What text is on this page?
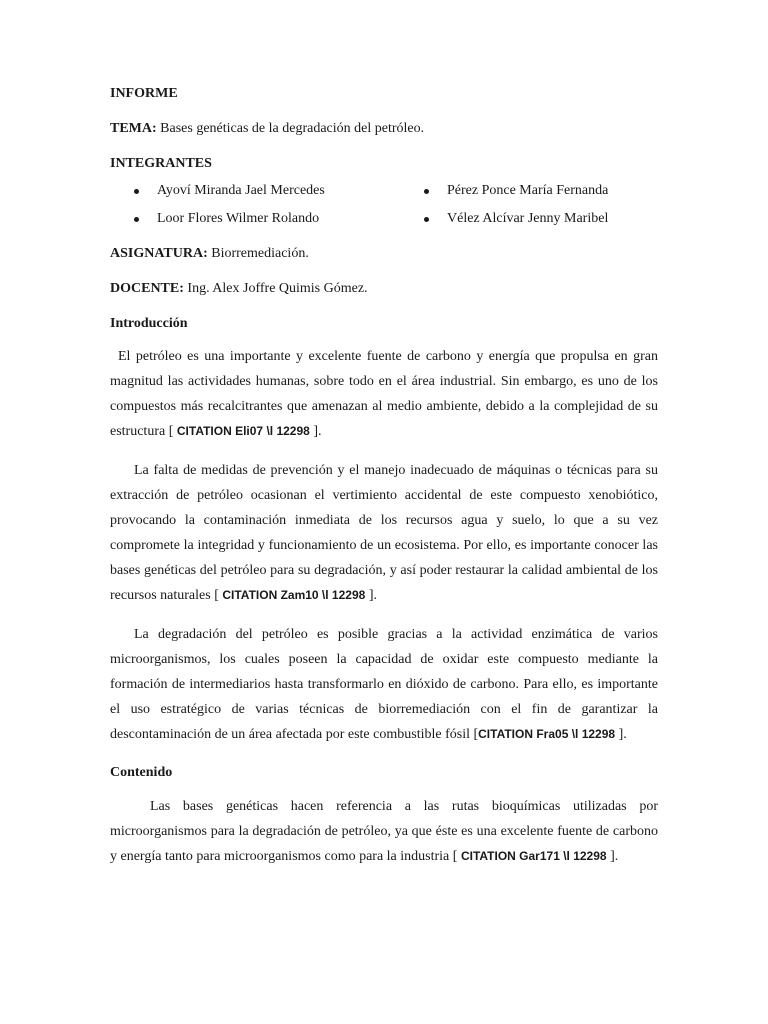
INFORME
TEMA: Bases genéticas de la degradación del petróleo.
INTEGRANTES
Ayoví Miranda Jael Mercedes	Pérez Ponce María Fernanda
Loor Flores Wilmer Rolando	Vélez Alcívar Jenny Maribel
ASIGNATURA: Biorremediación.
DOCENTE: Ing. Alex Joffre Quimis Gómez.
Introducción

El petróleo es una importante y excelente fuente de carbono y energía que propulsa en gran magnitud las actividades humanas, sobre todo en el área industrial. Sin embargo, es uno de los compuestos más recalcitrantes que amenazan al medio ambiente, debido a la complejidad de su estructura [ CITATION Eli07 \l 12298 ].

La falta de medidas de prevención y el manejo inadecuado de máquinas o técnicas para su extracción de petróleo ocasionan el vertimiento accidental de este compuesto xenobiótico, provocando la contaminación inmediata de los recursos agua y suelo, lo que a su vez compromete la integridad y funcionamiento de un ecosistema. Por ello, es importante conocer las bases genéticas del petróleo para su degradación, y así poder restaurar la calidad ambiental de los recursos naturales [ CITATION Zam10 \l 12298 ].

La degradación del petróleo es posible gracias a la actividad enzimática de varios microorganismos, los cuales poseen la capacidad de oxidar este compuesto mediante la formación de intermediarios hasta transformarlo en dióxido de carbono. Para ello, es importante el uso estratégico de varias técnicas de biorremediación con el fin de garantizar la descontaminación de un área afectada por este combustible fósil [CITATION Fra05 \l 12298 ].

Contenido

Las bases genéticas hacen referencia a las rutas bioquímicas utilizadas por microorganismos para la degradación de petróleo, ya que éste es una excelente fuente de carbono y energía tanto para microorganismos como para la industria [ CITATION Gar171 \l 12298 ].
